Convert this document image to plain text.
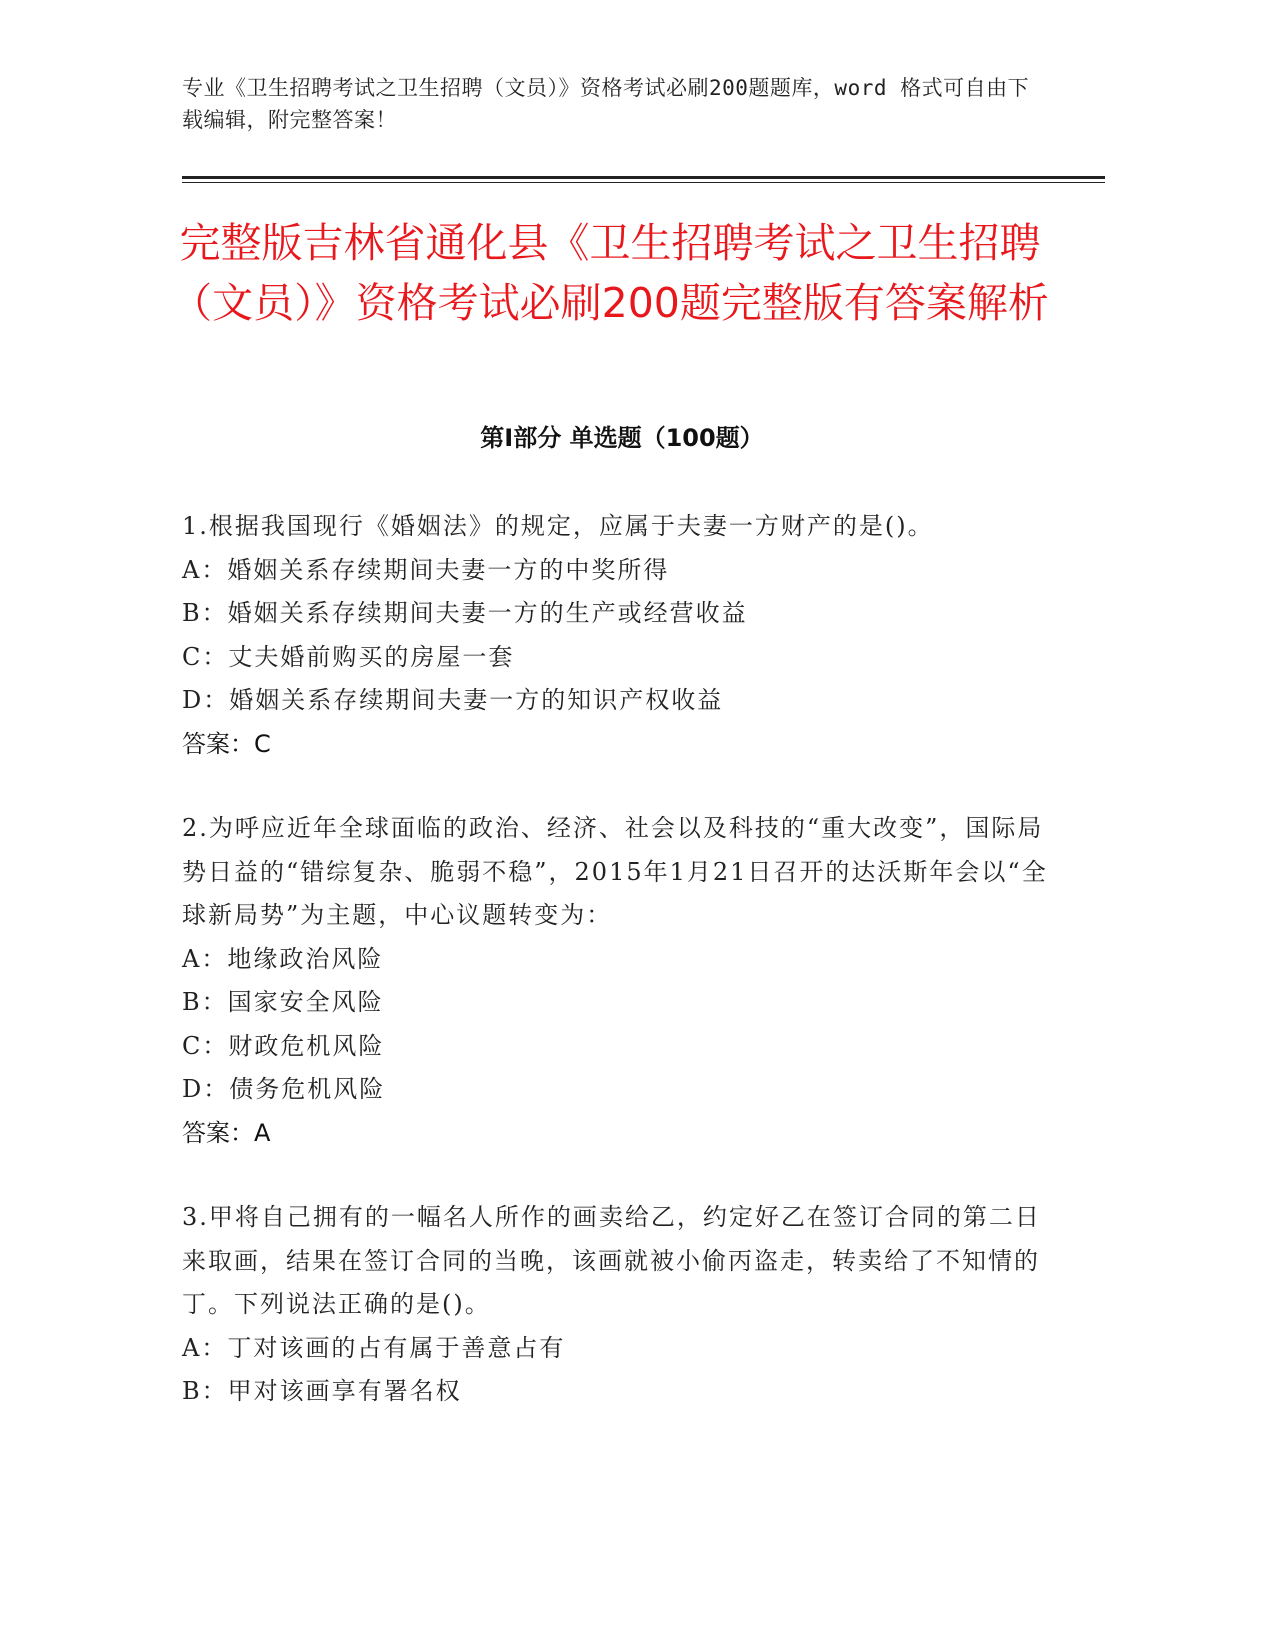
专业《卫生招聘考试之卫生招聘（文员）》资格考试必刷200题题库，word 格式可自由下载编辑，附完整答案！
完整版吉林省通化县《卫生招聘考试之卫生招聘（文员）》资格考试必刷200题完整版有答案解析
第Ⅰ部分 单选题（100题）

1.根据我国现行《婚姻法》的规定，应属于夫妻一方财产的是()。

A：婚姻关系存续期间夫妻一方的中奖所得

B：婚姻关系存续期间夫妻一方的生产或经营收益

C：丈夫婚前购买的房屋一套

D：婚姻关系存续期间夫妻一方的知识产权收益

答案：C

2.为呼应近年全球面临的政治、经济、社会以及科技的“重大改变”，国际局势日益的“错综复杂、脆弱不稳”，2015年1月21日召开的达沃斯年会以“全球新局势”为主题，中心议题转变为：

A：地缘政治风险

B：国家安全风险

C：财政危机风险

D：债务危机风险

答案：A

3.甲将自己拥有的一幅名人所作的画卖给乙，约定好乙在签订合同的第二日来取画，结果在签订合同的当晚，该画就被小偷丙盗走，转卖给了不知情的丁。下列说法正确的是()。

A：丁对该画的占有属于善意占有

B：甲对该画享有署名权
